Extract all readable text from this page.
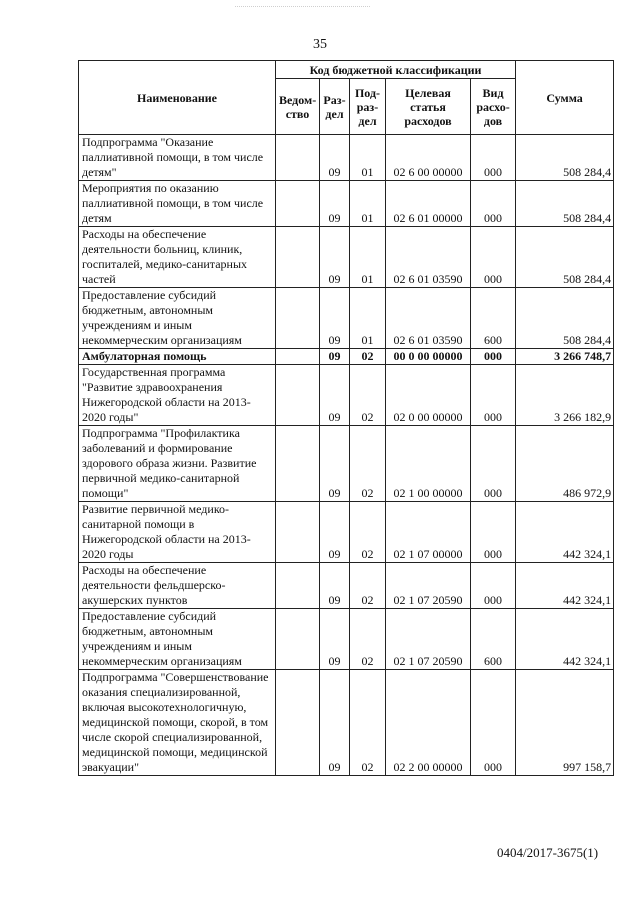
35
Наименование	Код бюджетной классификации					Сумма
	Ведом-ство	Раз-дел	Под-раз-дел	Целевая статья расходов	Вид расхо-дов	
Подпрограмма "Оказание паллиативной помощи, в том числе детям"		09	01	02 6 00 00000	000	508 284,4
Мероприятия по оказанию паллиативной помощи, в том числе детям		09	01	02 6 01 00000	000	508 284,4
Расходы на обеспечение деятельности больниц, клиник, госпиталей, медико-санитарных частей		09	01	02 6 01 03590	000	508 284,4
Предоставление субсидий бюджетным, автономным учреждениям и иным некоммерческим организациям		09	01	02 6 01 03590	600	508 284,4
Амбулаторная помощь		09	02	00 0 00 00000	000	3 266 748,7
Государственная программа "Развитие здравоохранения Нижегородской области на 2013-2020 годы"		09	02	02 0 00 00000	000	3 266 182,9
Подпрограмма "Профилактика заболеваний и формирование здорового образа жизни. Развитие первичной медико-санитарной помощи"		09	02	02 1 00 00000	000	486 972,9
Развитие первичной медико-санитарной помощи в Нижегородской области на 2013-2020 годы		09	02	02 1 07 00000	000	442 324,1
Расходы на обеспечение деятельности фельдшерско-акушерских пунктов		09	02	02 1 07 20590	000	442 324,1
Предоставление субсидий бюджетным, автономным учреждениям и иным некоммерческим организациям		09	02	02 1 07 20590	600	442 324,1
Подпрограмма "Совершенствование оказания специализированной, включая высокотехнологичную, медицинской помощи, скорой, в том числе скорой специализированной, медицинской помощи, медицинской эвакуации"		09	02	02 2 00 00000	000	997 158,7
0404/2017-3675(1)
